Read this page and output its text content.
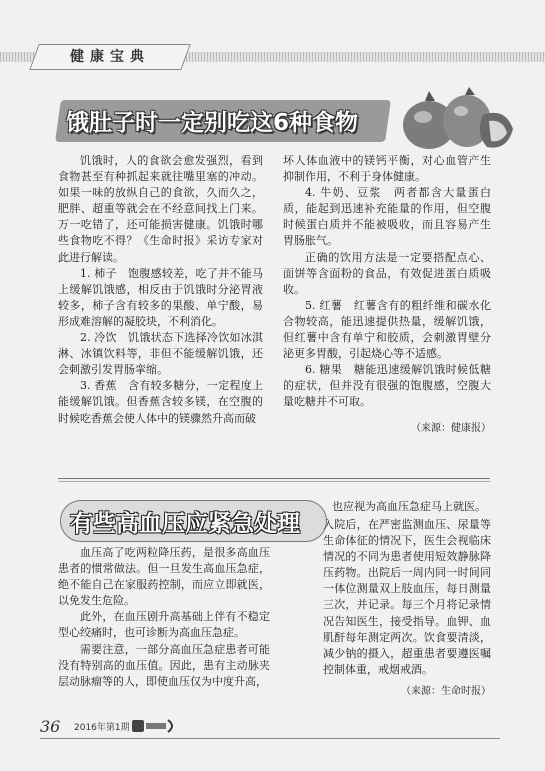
健康宝典
饿肚子时一定别吃这6种食物

饥饿时，人的食欲会愈发强烈，看到食物甚至有种抓起来就往嘴里塞的冲动。如果一味的放纵自己的食欲，久而久之，肥胖、超重等就会在不经意间找上门来。万一吃错了，还可能损害健康。饥饿时哪些食物吃不得？《生命时报》采访专家对此进行解读。

1. 柿子　饱腹感较差，吃了并不能马上缓解饥饿感，相反由于饥饿时分泌胃液较多，柿子含有较多的果酸、单宁酸，易形成难溶解的凝胶块，不利消化。

2. 冷饮　饥饿状态下选择冷饮如冰淇淋、冰镇饮料等，非但不能缓解饥饿，还会刺激引发胃肠挛缩。

3. 香蕉　含有较多糖分，一定程度上能缓解饥饿。但香蕉含较多镁，在空腹的时候吃香蕉会使人体中的镁骤然升高而破

坏人体血液中的镁钙平衡，对心血管产生抑制作用，不利于身体健康。

4. 牛奶、豆浆　两者都含大量蛋白质，能起到迅速补充能量的作用，但空腹时候蛋白质并不能被吸收，而且容易产生胃肠胀气。

正确的饮用方法是一定要搭配点心、面饼等含面粉的食品，有效促进蛋白质吸收。

5. 红薯　红薯含有的粗纤维和碳水化合物较高，能迅速提供热量，缓解饥饿，但红薯中含有单宁和胶质，会刺激胃壁分泌更多胃酸，引起烧心等不适感。

6. 糖果　糖能迅速缓解饥饿时候低糖的症状，但并没有很强的饱腹感，空腹大量吃糖并不可取。

（来源：健康报）

有些高血压应紧急处理

也应视为高血压急症马上就医。

血压高了吃两粒降压药，是很多高血压患者的惯常做法。但一旦发生高血压急症，绝不能自己在家服药控制，而应立即就医，以免发生危险。

此外，在血压剧升高基础上伴有不稳定型心绞痛时，也可诊断为高血压急症。

需要注意，一部分高血压急症患者可能没有特别高的血压值。因此，患有主动脉夹层动脉瘤等的人，即使血压仅为中度升高，

入院后，在严密监测血压、尿量等生命体征的情况下，医生会视临床情况的不同为患者使用短效静脉降压药物。出院后一周内同一时间同一体位测量双上肢血压，每日测量三次，并记录。每三个月将记录情况告知医生，接受指导。血钾、血肌酐每年测定两次。饮食要清淡，减少钠的摄入，超重患者要遵医嘱控制体重，戒烟戒酒。

（来源：生命时报）

36 2016年第1期
